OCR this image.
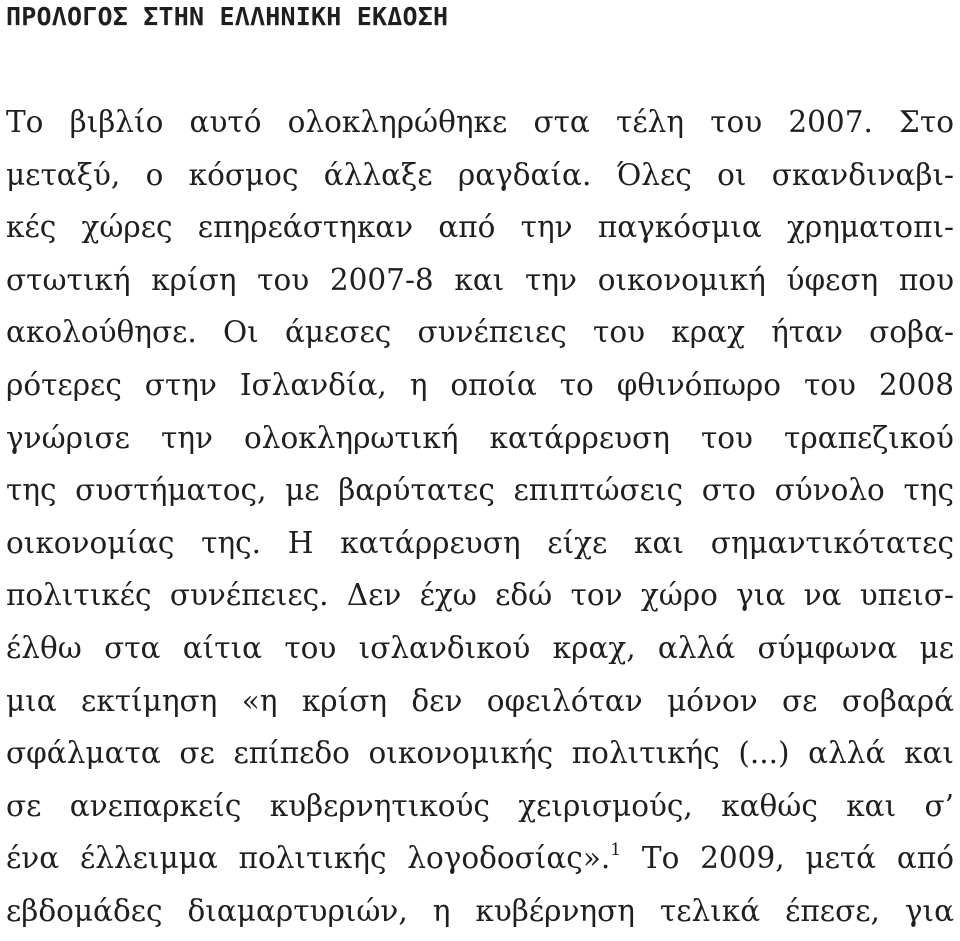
ΠΡΟΛΟΓΟΣ ΣΤΗΝ ΕΛΛΗΝΙΚΗ ΕΚΔΟΣΗ
Το βιβλίο αυτό ολοκληρώθηκε στα τέλη του 2007. Στο
μεταξύ, ο κόσμος άλλαξε ραγδαία. Όλες οι σκανδιναβι-
κές χώρες επηρεάστηκαν από την παγκόσμια χρηματοπι-
στωτική κρίση του 2007-8 και την οικονομική ύφεση που
ακολούθησε. Οι άμεσες συνέπειες του κραχ ήταν σοβα-
ρότερες στην Ισλανδία, η οποία το φθινόπωρο του 2008
γνώρισε την ολοκληρωτική κατάρρευση του τραπεζικού
της συστήματος, με βαρύτατες επιπτώσεις στο σύνολο της
οικονομίας της. Η κατάρρευση είχε και σημαντικότατες
πολιτικές συνέπειες. Δεν έχω εδώ τον χώρο για να υπεισ-
έλθω στα αίτια του ισλανδικού κραχ, αλλά σύμφωνα με
μια εκτίμηση «η κρίση δεν οφειλόταν μόνον σε σοβαρά
σφάλματα σε επίπεδο οικονομικής πολιτικής (...) αλλά και
σε ανεπαρκείς κυβερνητικούς χειρισμούς, καθώς και σ’
ένα έλλειμμα πολιτικής λογοδοσίας».$^1$ Το 2009, μετά από
εβδομάδες διαμαρτυριών, η κυβέρνηση τελικά έπεσε, για
